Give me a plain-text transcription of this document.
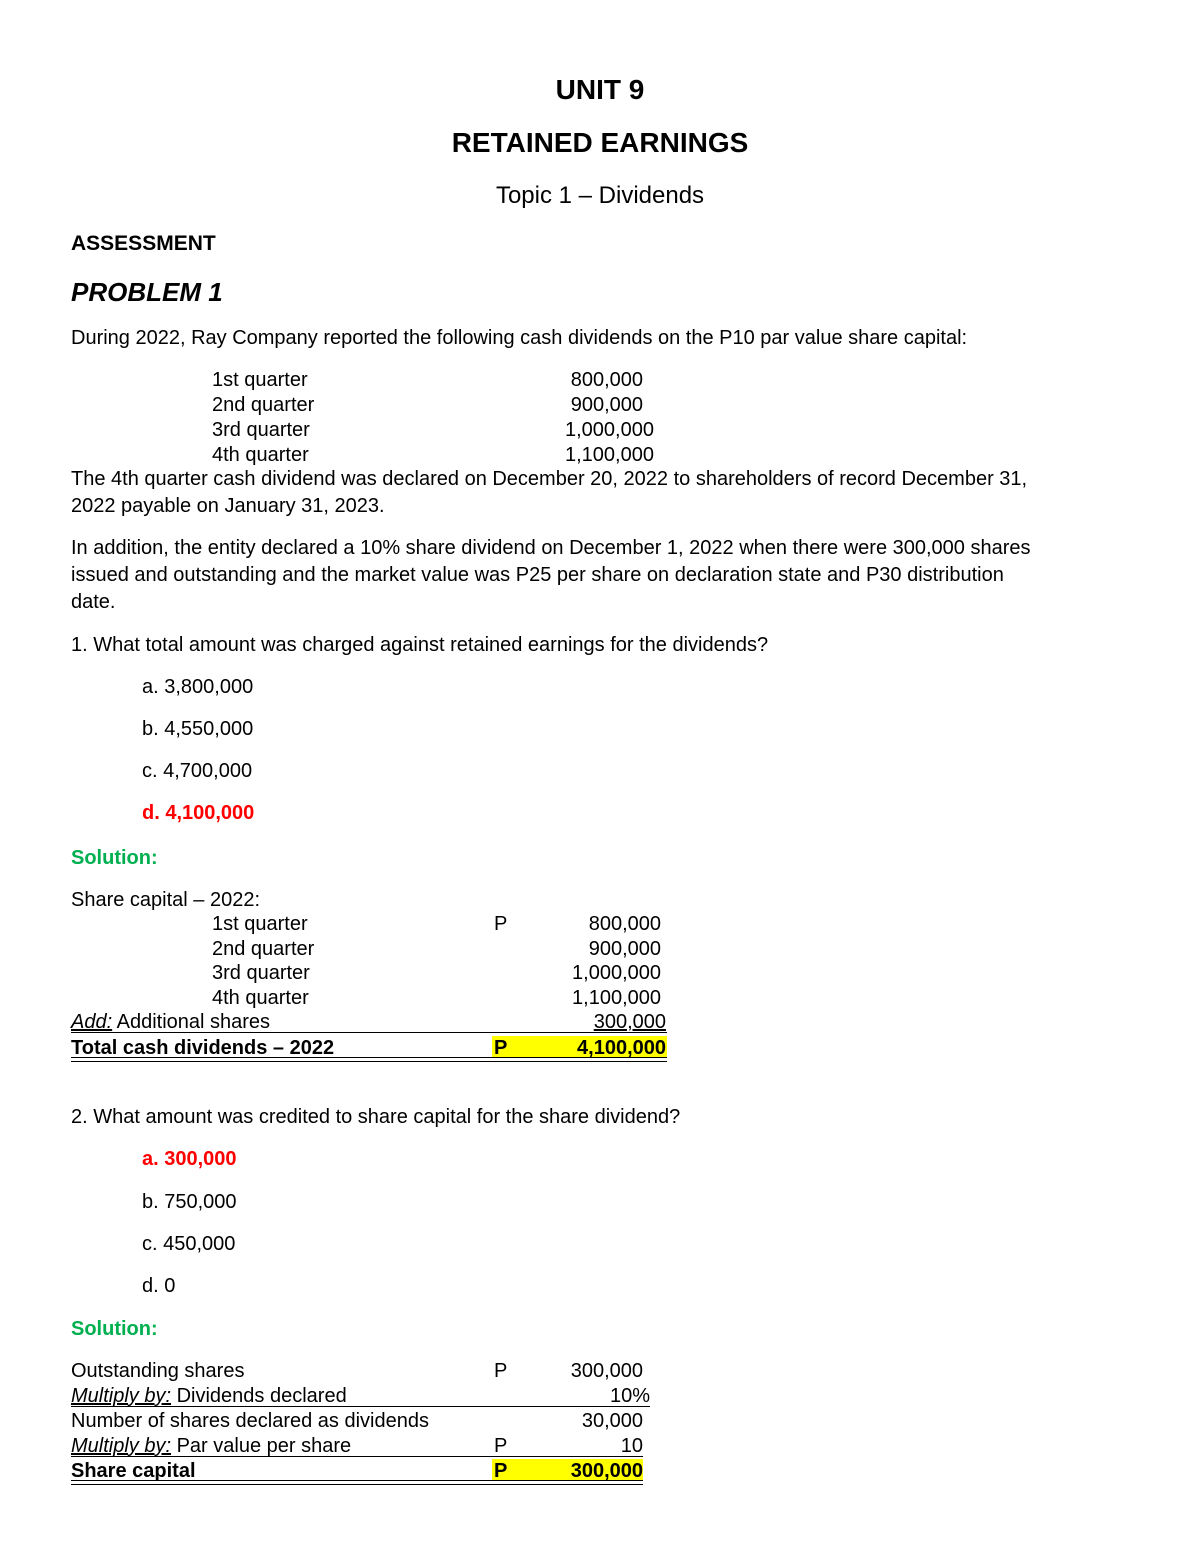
UNIT 9
RETAINED EARNINGS
Topic 1 – Dividends
ASSESSMENT
PROBLEM 1
During 2022, Ray Company reported the following cash dividends on the P10 par value share capital:
1st quarter	800,000
2nd quarter	900,000
3rd quarter	1,000,000
4th quarter	1,100,000
The 4th quarter cash dividend was declared on December 20, 2022 to shareholders of record December 31,
2022 payable on January 31, 2023.
In addition, the entity declared a 10% share dividend on December 1, 2022 when there were 300,000 shares
issued and outstanding and the market value was P25 per share on declaration state and P30 distribution
date.
1. What total amount was charged against retained earnings for the dividends?
a. 3,800,000
b. 4,550,000
c. 4,700,000
d. 4,100,000
Solution:
Share capital – 2022:
1st quarter	P	800,000
2nd quarter	900,000
3rd quarter	1,000,000
4th quarter	1,100,000
Add: Additional shares	300,000
Total cash dividends – 2022	P	4,100,000
2. What amount was credited to share capital for the share dividend?
a. 300,000
b. 750,000
c. 450,000
d. 0
Solution:
Outstanding shares	P	300,000
Multiply by: Dividends declared	10%
Number of shares declared as dividends	30,000
Multiply by: Par value per share	P	10
Share capital	P	300,000
